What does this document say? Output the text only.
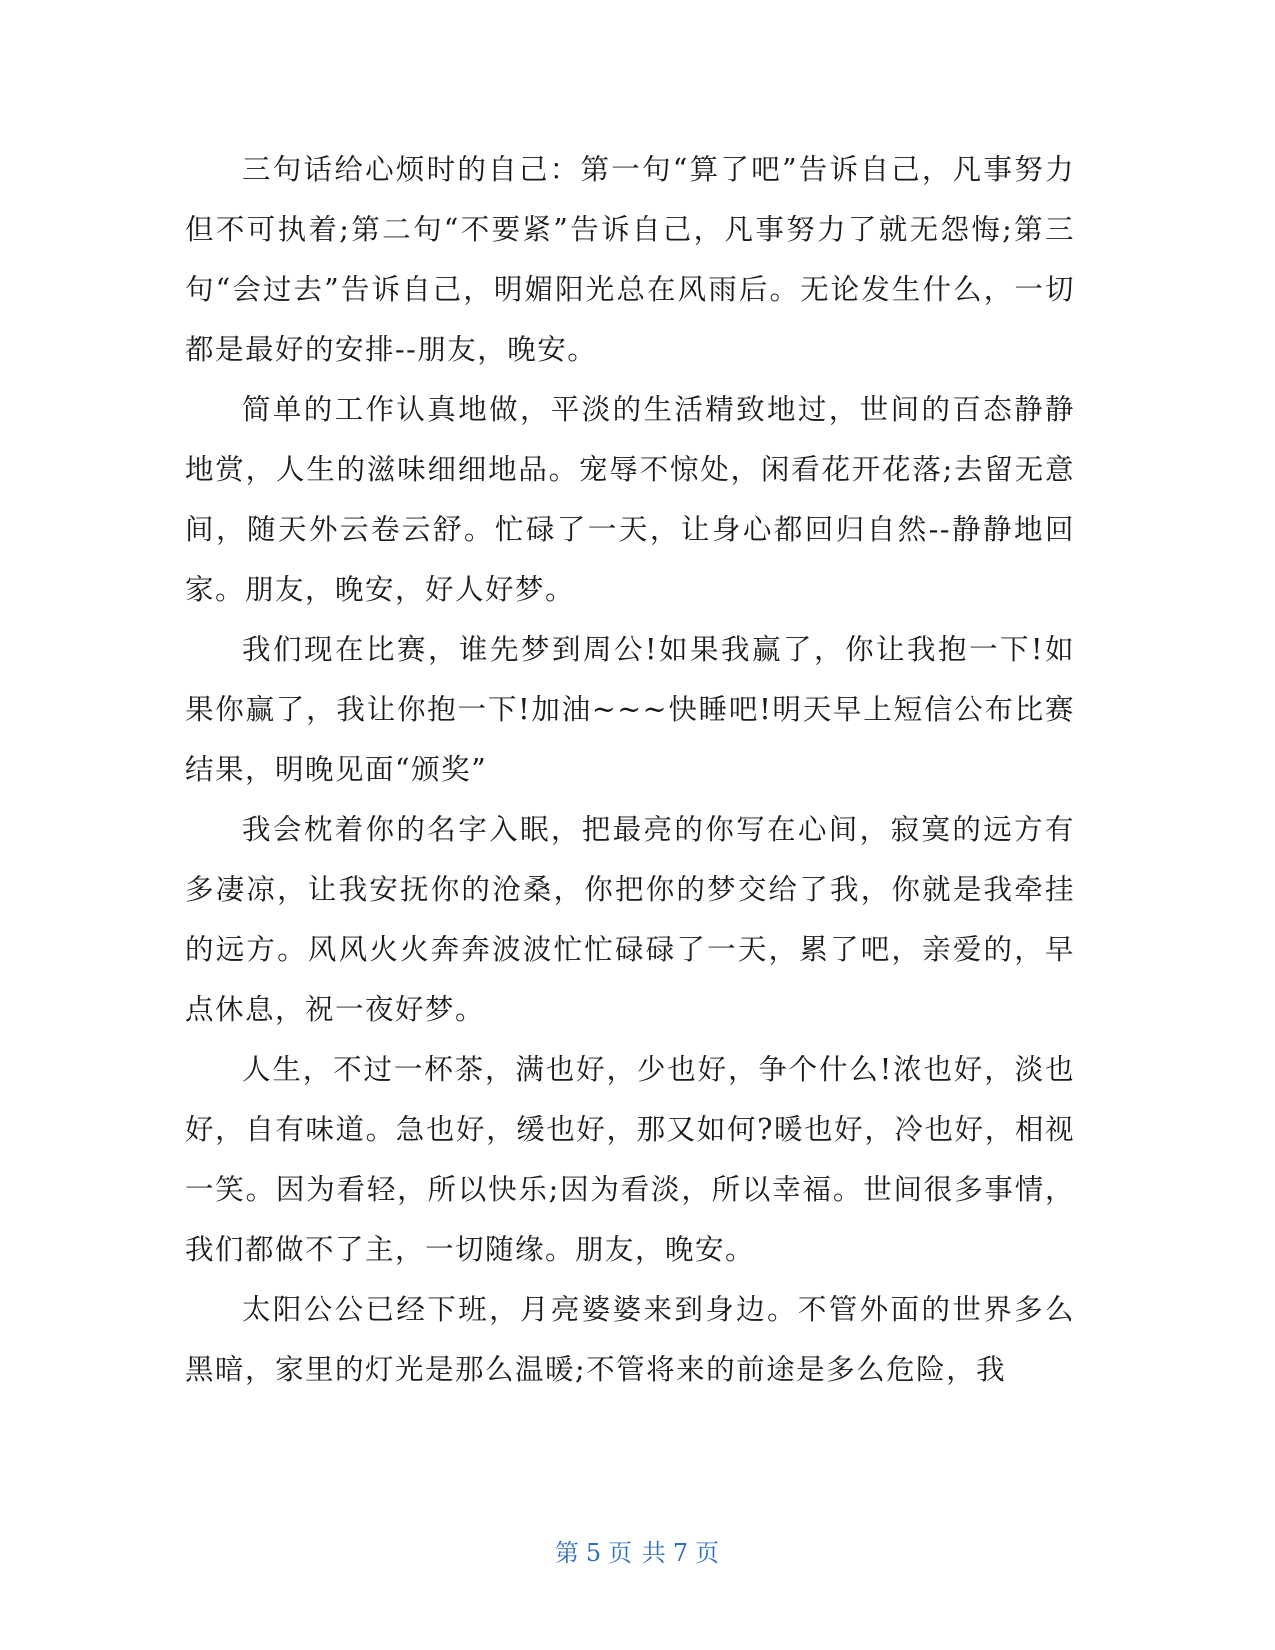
三句话给心烦时的自己：第一句“算了吧”告诉自己，凡事努力但不可执着;第二句“不要紧”告诉自己，凡事努力了就无怨悔;第三句“会过去”告诉自己，明媚阳光总在风雨后。无论发生什么，一切都是最好的安排--朋友，晚安。

简单的工作认真地做，平淡的生活精致地过，世间的百态静静地赏，人生的滋味细细地品。宠辱不惊处，闲看花开花落;去留无意间，随天外云卷云舒。忙碌了一天，让身心都回归自然--静静地回家。朋友，晚安，好人好梦。

我们现在比赛，谁先梦到周公!如果我赢了，你让我抱一下!如果你赢了，我让你抱一下!加油~~~快睡吧!明天早上短信公布比赛结果，明晚见面“颁奖”

我会枕着你的名字入眠，把最亮的你写在心间，寂寞的远方有多凄凉，让我安抚你的沧桑，你把你的梦交给了我，你就是我牵挂的远方。风风火火奔奔波波忙忙碌碌了一天，累了吧，亲爱的，早点休息，祝一夜好梦。

人生，不过一杯茶，满也好，少也好，争个什么!浓也好，淡也好，自有味道。急也好，缓也好，那又如何?暖也好，冷也好，相视一笑。因为看轻，所以快乐;因为看淡，所以幸福。世间很多事情，我们都做不了主，一切随缘。朋友，晚安。

太阳公公已经下班，月亮婆婆来到身边。不管外面的世界多么黑暗，家里的灯光是那么温暖;不管将来的前途是多么危险，我

第 5 页 共 7 页
